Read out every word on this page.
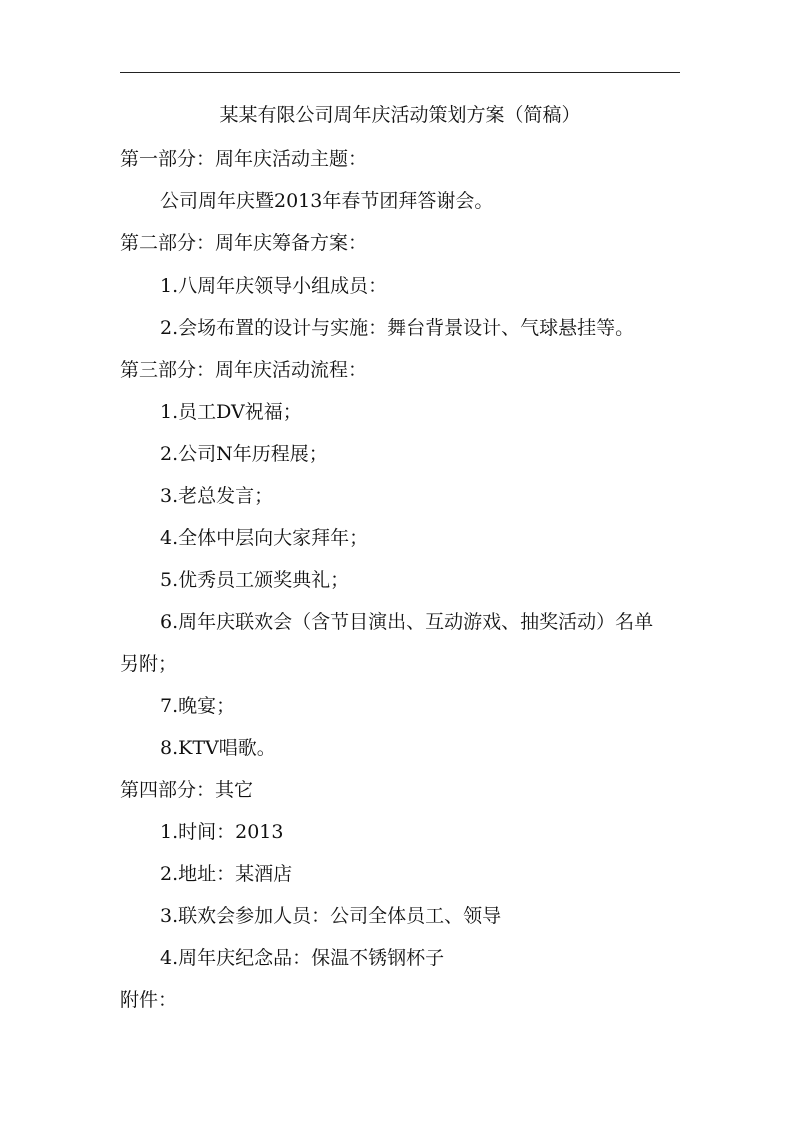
某某有限公司周年庆活动策划方案（简稿）
第一部分：周年庆活动主题：
公司周年庆暨2013年春节团拜答谢会。
第二部分：周年庆筹备方案：
1.八周年庆领导小组成员：
2.会场布置的设计与实施：舞台背景设计、气球悬挂等。
第三部分：周年庆活动流程：
1.员工DV祝福；
2.公司N年历程展；
3.老总发言；
4.全体中层向大家拜年；
5.优秀员工颁奖典礼；
6.周年庆联欢会（含节目演出、互动游戏、抽奖活动）名单
另附；
7.晚宴；
8.KTV唱歌。
第四部分：其它
1.时间：2013
2.地址：某酒店
3.联欢会参加人员：公司全体员工、领导
4.周年庆纪念品：保温不锈钢杯子
附件：
